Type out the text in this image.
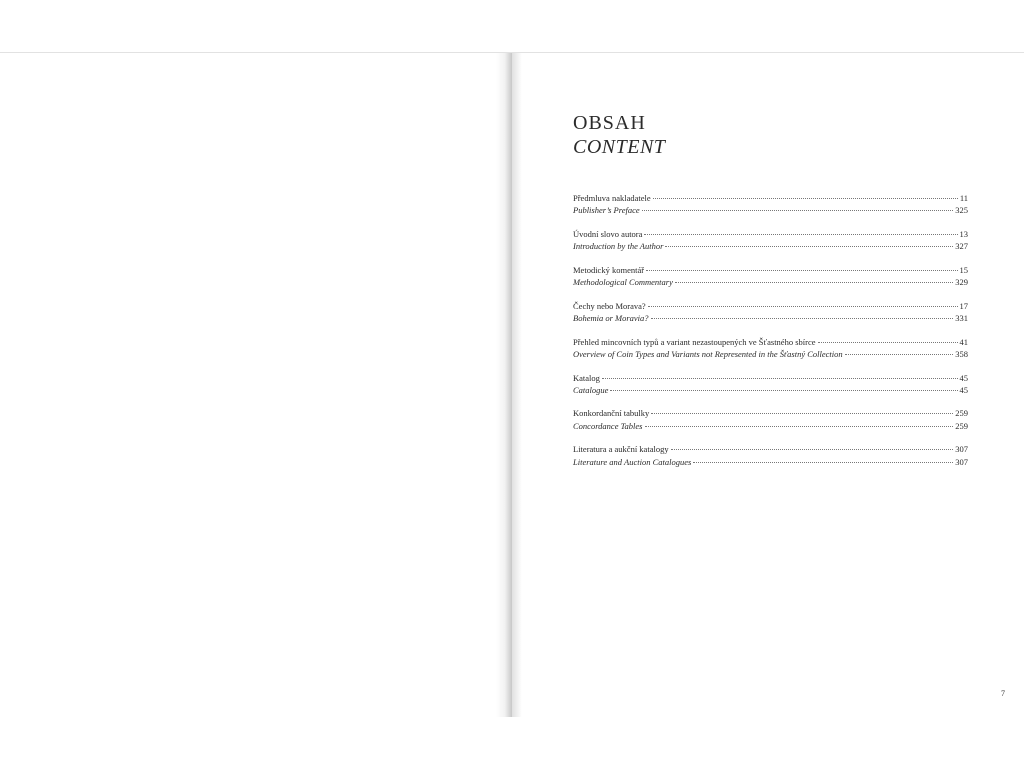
OBSAH
CONTENT
Předmluva nakladatele	11
Publisher’s Preface	325
Úvodní slovo autora	13
Introduction by the Author	327
Metodický komentář	15
Methodological Commentary	329
Čechy nebo Morava?	17
Bohemia or Moravia?	331
Přehled mincovních typů a variant nezastoupených ve Šťastného sbírce	41
Overview of Coin Types and Variants not Represented in the Šťastný Collection	358
Katalog	45
Catalogue	45
Konkordanční tabulky	259
Concordance Tables	259
Literatura a aukční katalogy	307
Literature and Auction Catalogues	307
7
